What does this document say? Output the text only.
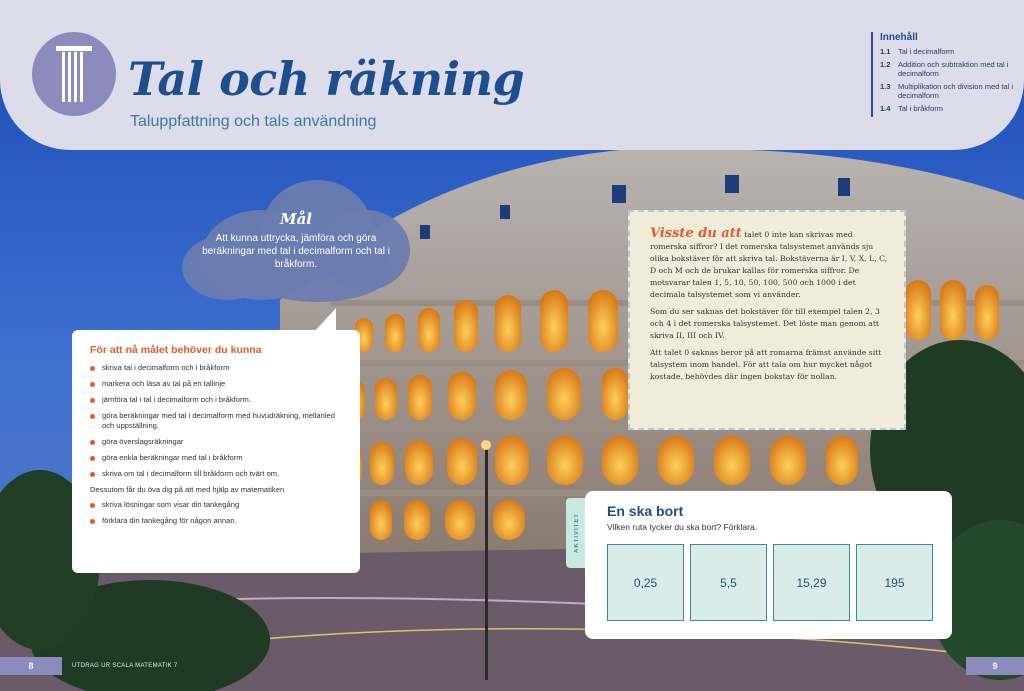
Tal och räkning
Taluppfattning och tals användning
Innehåll
1.1	Tal i decimalform
1.2	Addition och subtraktion med tal i decimalform
1.3	Multiplikation och division med tal i decimalform
1.4	Tal i bråkform
Mål
Att kunna uttrycka, jämföra och göra beräkningar med tal i decimalform och tal i bråkform.
För att nå målet behöver du kunna
skriva tal i decimalform och i bråkform
markera och läsa av tal på en tallinje
jämföra tal i tal i decimalform och i bråkform.
göra beräkningar med tal i decimalform med huvudräkning, mellanled och uppställning.
göra överslagsräkningar
göra enkla beräkningar med tal i bråkform
skriva om tal i decimalform till bråkform och tvärt om.
Dessutom får du öva dig på att med hjälp av matematiken
skriva lösningar som visar din tankegång
förklara din tankegång för någon annan.

Visste du att talet 0 inte kan skrivas med romerska siffror? I det romerska talsystemet används sju olika bokstäver för att skriva tal. Bokstäverna är I, V, X, L, C, D och M och de brukar kallas för romerska siffror. De motsvarar talen 1, 5, 10, 50, 100, 500 och 1000 i det decimala talsystemet som vi använder.

Som du ser saknas det bokstäver för till exempel talen 2, 3 och 4 i det romerska talsystemet. Det löste man genom att skriva II, III och IV.

Att talet 0 saknas beror på att romarna främst använde sitt talsystem inom handel. För att tala om hur mycket något kostade, behövdes där ingen bokstav för nollan.

AKTIVITET
En ska bort
Vilken ruta tycker du ska bort? Förklara.
0,25	5,5	15,29	195
8	UTDRAG UR SCALA MATEMATIK 7	9
